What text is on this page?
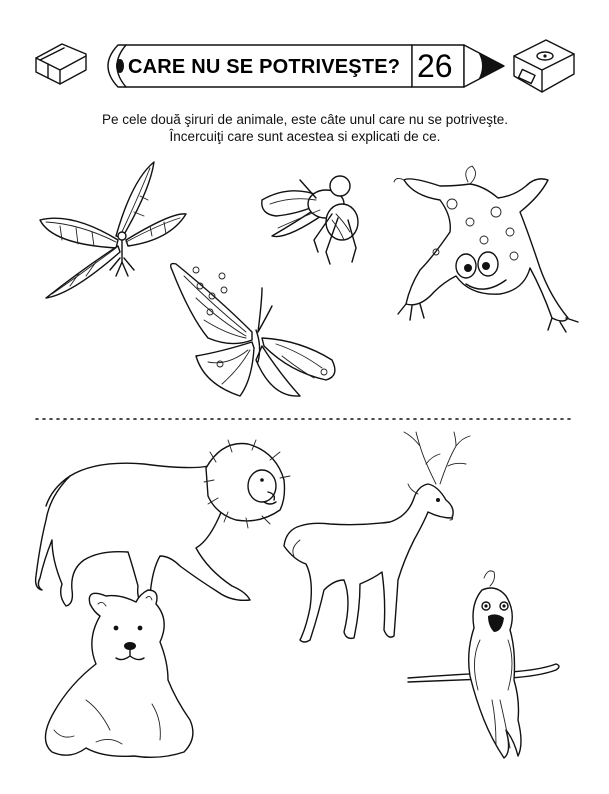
CARE NU SE POTRIVEŞTE? 26
Pe cele două şiruri de animale, este câte unul care nu se potriveşte.
Încercuiţi care sunt acestea si explicati de ce.
